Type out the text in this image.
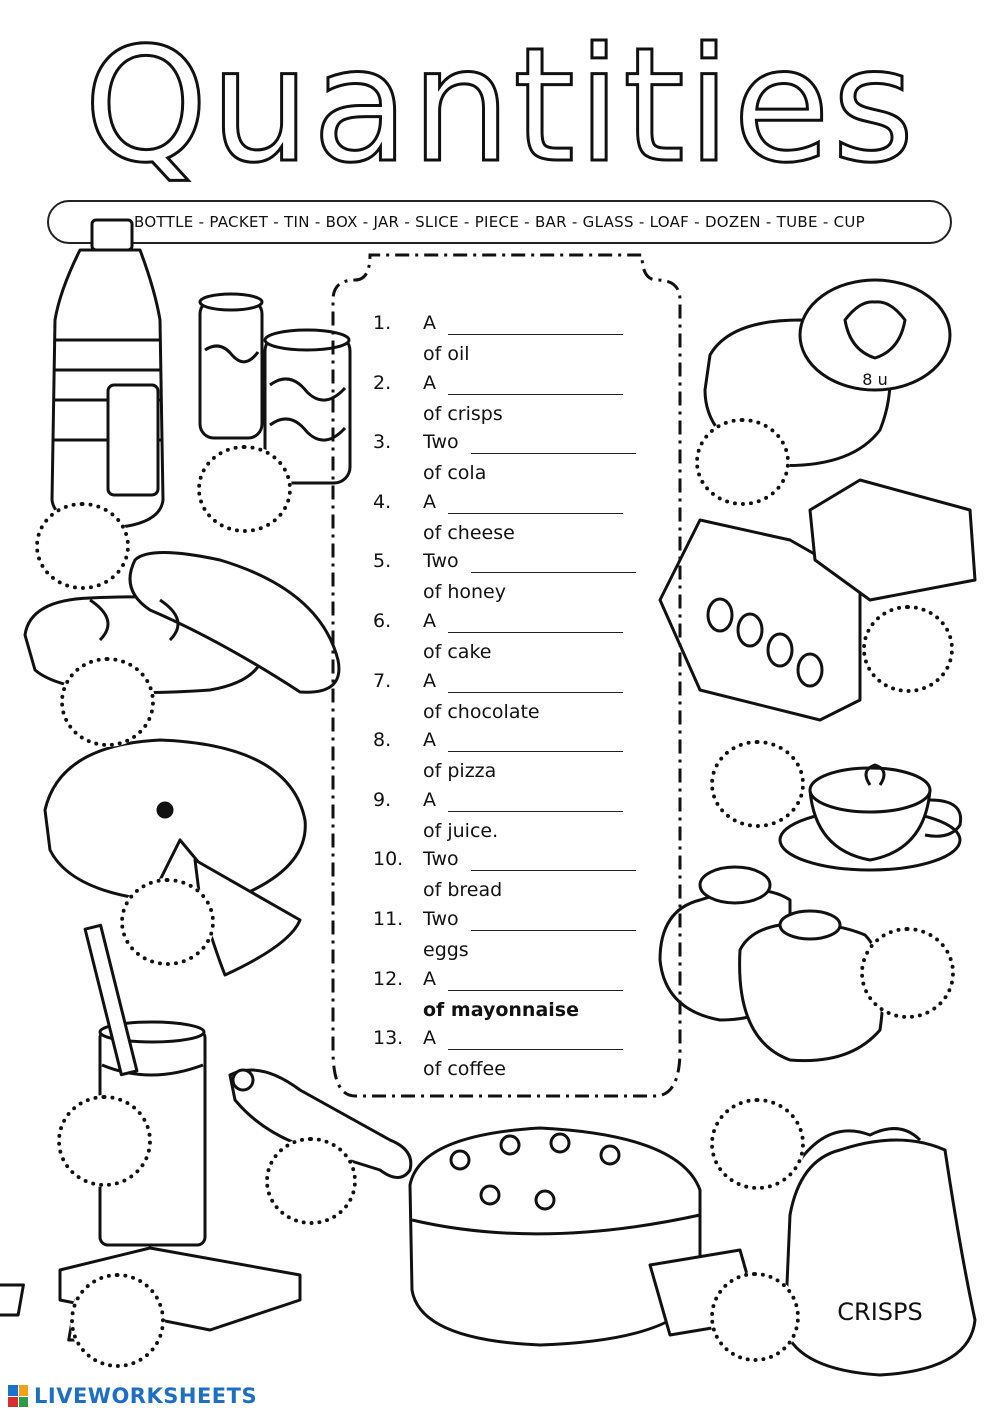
Quantities
BOTTLE - PACKET - TIN - BOX - JAR - SLICE - PIECE - BAR - GLASS - LOAF - DOZEN - TUBE - CUP
CRISPS
8 u
1.	A
of oil
2.	A
of crisps
3.	Two
of cola
4.	A
of cheese
5.	Two
of honey
6.	A
of cake
7.	A
of chocolate
8.	A
of pizza
9.	A
of juice.
10.	Two
of bread
11.	Two
eggs
12.	A
of mayonnaise
13.	A
of coffee
LIVEWORKSHEETS
